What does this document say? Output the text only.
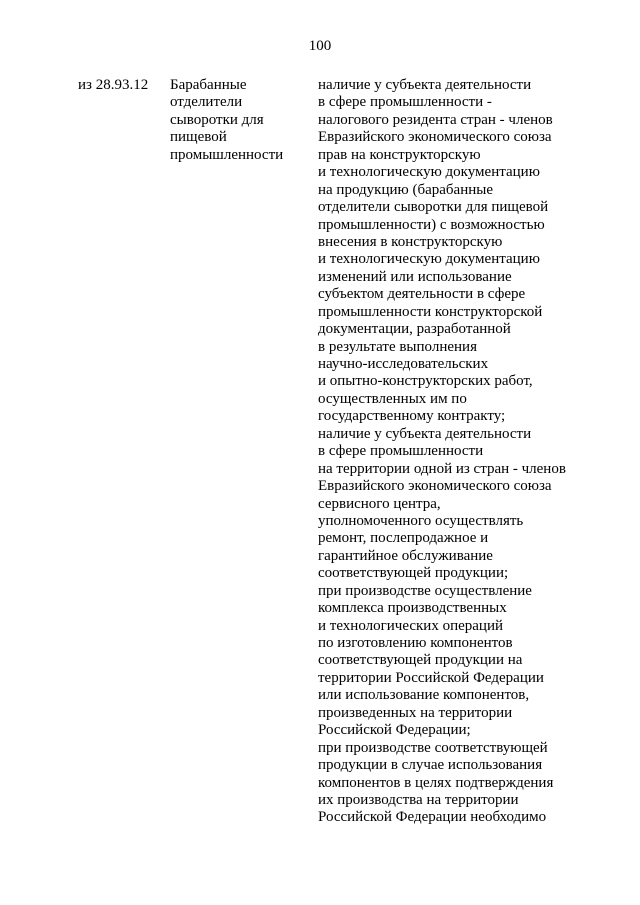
100
из 28.93.12	Барабанные
отделители
сыворотки для
пищевой
промышленности
наличие у субъекта деятельности
в сфере промышленности -
налогового резидента стран - членов
Евразийского экономического союза
прав на конструкторскую
и технологическую документацию
на продукцию (барабанные
отделители сыворотки для пищевой
промышленности) с возможностью
внесения в конструкторскую
и технологическую документацию
изменений или использование
субъектом деятельности в сфере
промышленности конструкторской
документации, разработанной
в результате выполнения
научно-исследовательских
и опытно-конструкторских работ,
осуществленных им по
государственному контракту;
наличие у субъекта деятельности
в сфере промышленности
на территории одной из стран - членов
Евразийского экономического союза
сервисного центра,
уполномоченного осуществлять
ремонт, послепродажное и
гарантийное обслуживание
соответствующей продукции;
при производстве осуществление
комплекса производственных
и технологических операций
по изготовлению компонентов
соответствующей продукции на
территории Российской Федерации
или использование компонентов,
произведенных на территории
Российской Федерации;
при производстве соответствующей
продукции в случае использования
компонентов в целях подтверждения
их производства на территории
Российской Федерации необходимо
